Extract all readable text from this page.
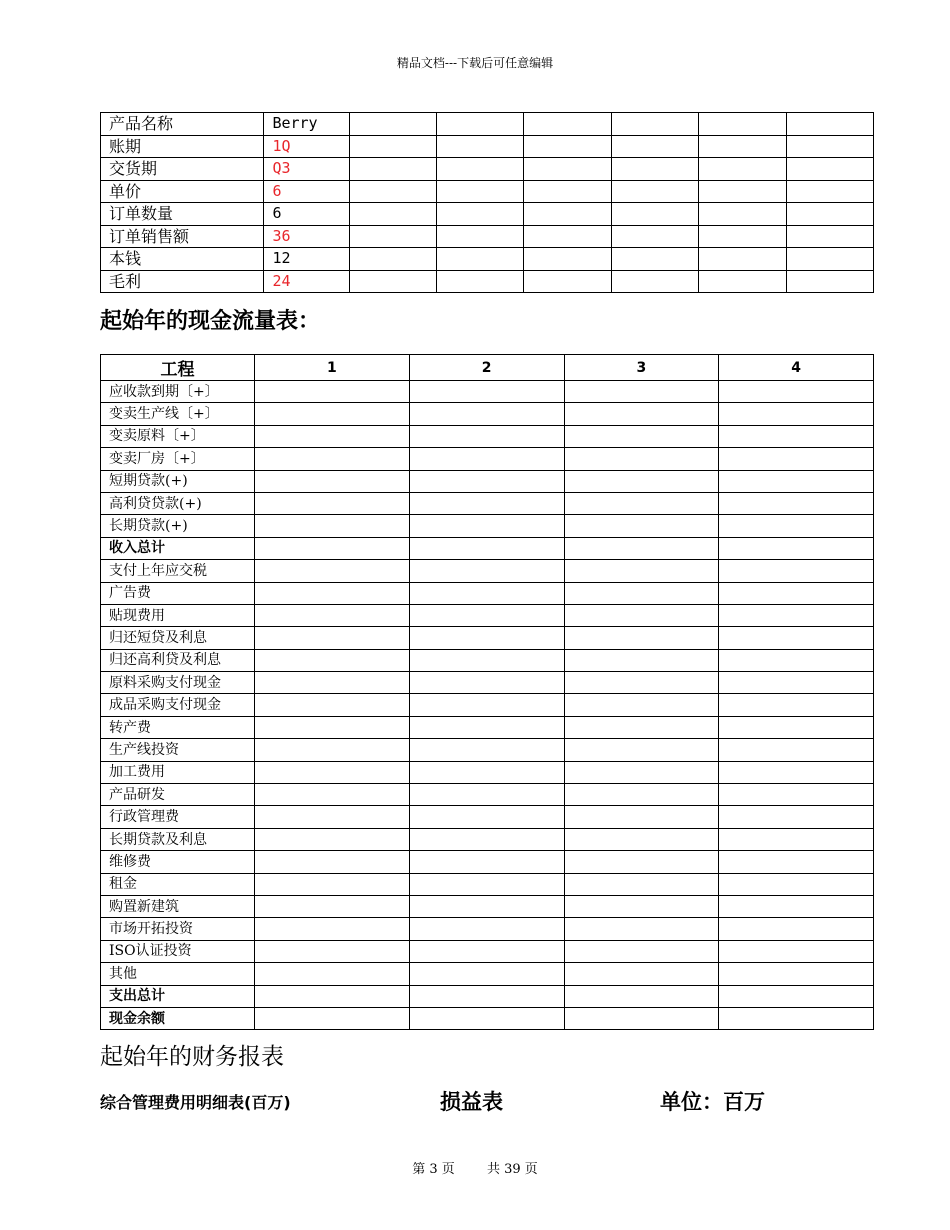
精品文档---下载后可任意编辑
产品名称	Berry						
账期	1Q						
交货期	Q3						
单价	6						
订单数量	6						
订单销售额	36						
本钱	12						
毛利	24						
起始年的现金流量表：
工程	1	2	3	4
应收款到期〔+〕				
变卖生产线〔+〕				
变卖原料〔+〕				
变卖厂房〔+〕				
短期贷款(+)				
高利贷贷款(+)				
长期贷款(+)				
收入总计				
支付上年应交税				
广告费				
贴现费用				
归还短贷及利息				
归还高利贷及利息				
原料采购支付现金				
成品采购支付现金				
转产费				
生产线投资				
加工费用				
产品研发				
行政管理费				
长期贷款及利息				
维修费				
租金				
购置新建筑				
市场开拓投资				
ISO认证投资				
其他				
支出总计				
现金余额				
起始年的财务报表
综合管理费用明细表(百万)	损益表	单位：百万
第 3 页 共 39 页
